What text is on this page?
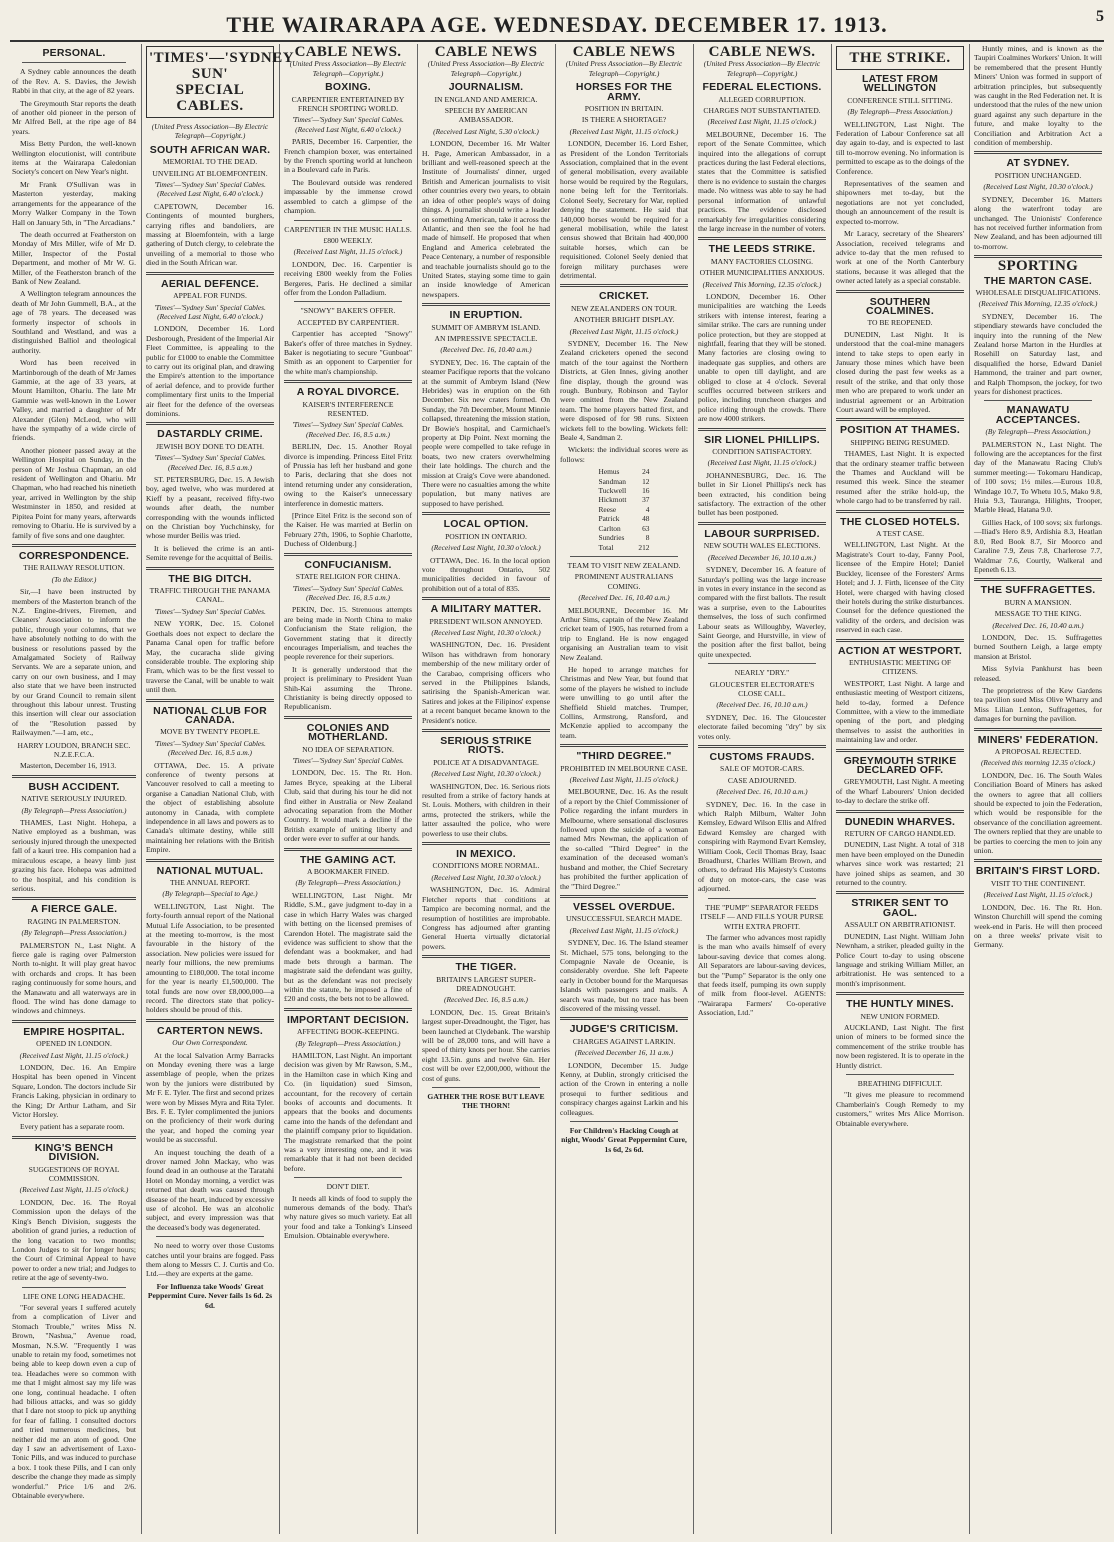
THE WAIRARAPA AGE. WEDNESDAY. DECEMBER 17. 1913.	5
PERSONAL.

A Sydney cable announces the death of the Rev. A. S. Davies, the Jewish Rabbi in that city, at the age of 82 years.

The Greymouth Star reports the death of another old pioneer in the person of Mr Alfred Bell, at the ripe age of 84 years.

Miss Betty Purdon, the well-known Wellington elocutionist, will contribute items at the Wairarapa Caledonian Society's concert on New Year's night.

Mr Frank O'Sullivan was in Masterton yesterday, making arrangements for the appearance of the Morry Walker Company in the Town Hall on January 5th, in "The Arcadians."

The death occurred at Featherston on Monday of Mrs Miller, wife of Mr D. Miller, Inspector of the Postal Department, and mother of Mr W. G. Miller, of the Featherston branch of the Bank of New Zealand.

A Wellington telegram announces the death of Mr John Gummell, B.A., at the age of 78 years. The deceased was formerly inspector of schools in Southland and Westland, and was a distinguished Balliol and theological authority.

Word has been received in Martinborough of the death of Mr James Gammie, at the age of 33 years, at Mount Hamilton, Ohariu. The late Mr Gammie was well-known in the Lower Valley, and married a daughter of Mr Alexander (Glen) McLeod, who will have the sympathy of a wide circle of friends.

Another pioneer passed away at the Wellington Hospital on Sunday, in the person of Mr Joshua Chapman, an old resident of Wellington and Ohariu. Mr Chapman, who had reached his ninetieth year, arrived in Wellington by the ship Westminster in 1850, and resided at Pipitea Point for many years, afterwards removing to Ohariu. He is survived by a family of five sons and one daughter.

CORRESPONDENCE.
THE RAILWAY RESOLUTION.
(To the Editor.)

Sir,—I have been instructed by members of the Masterton branch of the N.Z. Engine-drivers, Firemen, and Cleaners' Association to inform the public, through your columns, that we have absolutely nothing to do with the business or resolutions passed by the Amalgamated Society of Railway Servants. We are a separate union, and carry on our own business, and I may also state that we have been instructed by our Grand Council to remain silent throughout this labour unrest. Trusting this insertion will clear our association of the "Resolution passed by Railwaymen."—I am, etc.,

HARRY LOUDON, BRANCH SEC. N.Z.E.F.C.A.

Masterton, December 16, 1913.

BUSH ACCIDENT.
NATIVE SERIOUSLY INJURED.
(By Telegraph—Press Association.)

THAMES, Last Night. Hohepa, a Native employed as a bushman, was seriously injured through the unexpected fall of a kauri tree. His companion had a miraculous escape, a heavy limb just grazing his face. Hohepa was admitted to the hospital, and his condition is serious.

A FIERCE GALE.
RAGING IN PALMERSTON.
(By Telegraph—Press Association.)

PALMERSTON N., Last Night. A fierce gale is raging over Palmerston North to-night. It will play great havoc with orchards and crops. It has been raging continuously for some hours, and the Manawatu and all waterways are in flood. The wind has done damage to windows and chimneys.

EMPIRE HOSPITAL.
OPENED IN LONDON.
(Received Last Night, 11.15 o'clock.)

LONDON, Dec. 16. An Empire Hospital has been opened in Vincent Square, London. The doctors include Sir Francis Laking, physician in ordinary to the King; Dr Arthur Latham, and Sir Victor Horsley.

Every patient has a separate room.

KING'S BENCH DIVISION.
SUGGESTIONS OF ROYAL COMMISSION.
(Received Last Night, 11.15 o'clock.)

LONDON, Dec. 16. The Royal Commission upon the delays of the King's Bench Division, suggests the abolition of grand juries, a reduction of the long vacation to two months; London Judges to sit for longer hours; the Court of Criminal Appeal to have power to order a new trial; and Judges to retire at the age of seventy-two.

LIFE ONE LONG HEADACHE.

"For several years I suffered acutely from a complication of Liver and Stomach Trouble," writes Miss N. Brown, "Nashua," Avenue road, Mosman, N.S.W. "Frequently I was unable to retain my food, sometimes not being able to keep down even a cup of tea. Headaches were so common with me that I might almost say my life was one long, continual headache. I often had bilious attacks, and was so giddy that I dare not stoop to pick up anything for fear of falling. I consulted doctors and tried numerous medicines, but neither did me an atom of good. One day I saw an advertisement of Laxo-Tonic Pills, and was induced to purchase a box. I took these Pills, and I can only describe the change they made as simply wonderful." Price 1/6 and 2/6. Obtainable everywhere.

'TIMES'—'SYDNEY SUN'
SPECIAL CABLES.
(United Press Association—By Electric Telegraph—Copyright.)
SOUTH AFRICAN WAR.
MEMORIAL TO THE DEAD.
UNVEILING AT BLOEMFONTEIN.
'Times'—'Sydney Sun' Special Cables. (Received Last Night, 6.40 o'clock.)

CAPETOWN, December 16. Contingents of mounted burghers, carrying rifles and bandoliers, are massing at Bloemfontein, with a large gathering of Dutch clergy, to celebrate the unveiling of a memorial to those who died in the South African war.

AERIAL DEFENCE.
APPEAL FOR FUNDS.
'Times'—'Sydney Sun' Special Cables. (Received Last Night, 6.40 o'clock.)

LONDON, December 16. Lord Desborough, President of the Imperial Air Fleet Committee, is appealing to the public for £1000 to enable the Committee to carry out its original plan, and drawing the Empire's attention to the importance of aerial defence, and to provide further complimentary first units to the Imperial air fleet for the defence of the overseas dominions.

DASTARDLY CRIME.
JEWISH BOY DONE TO DEATH.
'Times'—'Sydney Sun' Special Cables. (Received Dec. 16, 8.5 a.m.)

ST. PETERSBURG, Dec. 15. A Jewish boy, aged twelve, who was murdered at Kieff by a peasant, received fifty-two wounds after death, the number corresponding with the wounds inflicted on the Christian boy Yuchchinsky, for whose murder Beilis was tried.

It is believed the crime is an anti-Semite revenge for the acquittal of Beilis.

THE BIG DITCH.
TRAFFIC THROUGH THE PANAMA CANAL.
'Times'—'Sydney Sun' Special Cables.

NEW YORK, Dec. 15. Colonel Goethals does not expect to declare the Panama Canal open for traffic before May, the cucaracha slide giving considerable trouble. The exploring ship Fram, which was to be the first vessel to traverse the Canal, will be unable to wait until then.

NATIONAL CLUB FOR CANADA.
MOVE BY TWENTY PEOPLE.
'Times'—'Sydney Sun' Special Cables. (Received Dec. 16, 8.5 a.m.)

OTTAWA, Dec. 15. A private conference of twenty persons at Vancouver resolved to call a meeting to organise a Canadian National Club, with the object of establishing absolute autonomy in Canada, with complete independence in all laws and powers as to Canada's ultimate destiny, while still maintaining her relations with the British Empire.

NATIONAL MUTUAL.
THE ANNUAL REPORT.
(By Telegraph—Special to Age.)

WELLINGTON, Last Night. The forty-fourth annual report of the National Mutual Life Association, to be presented at the meeting to-morrow, is the most favourable in the history of the association. New policies were issued for nearly four millions, the new premiums amounting to £180,000. The total income for the year is nearly £1,500,000. The total funds are now over £8,000,000—a record. The directors state that policy-holders should be proud of this.

CARTERTON NEWS.
Our Own Correspondent.

At the local Salvation Army Barracks on Monday evening there was a large assemblage of people, when the prizes won by the juniors were distributed by Mr F. E. Tyler. The first and second prizes were won by Misses Myra and Rita Tyler. Brs. F. E. Tyler complimented the juniors on the proficiency of their work during the year, and hoped the coming year would be as successful.

An inquest touching the death of a drover named John Mackay, who was found dead in an outhouse at the Taratahi Hotel on Monday morning, a verdict was returned that death was caused through disease of the heart, induced by excessive use of alcohol. He was an alcoholic subject, and every impression was that the deceased's body was degenerated.

No need to worry over those Customs catches until your brains are fogged. Pass them along to Messrs C. J. Curtis and Co. Ltd.—they are experts at the game.

For Influenza take Woods' Great Peppermint Cure. Never fails 1s 6d. 2s 6d.
CABLE NEWS.
(United Press Association—By Electric Telegraph—Copyright.)
BOXING.
CARPENTIER ENTERTAINED BY FRENCH SPORTING WORLD.
'Times'—'Sydney Sun' Special Cables. (Received Last Night, 6.40 o'clock.)

PARIS, December 16. Carpentier, the French champion boxer, was entertained by the French sporting world at luncheon in a Boulevard cafe in Paris.

The Boulevard outside was rendered impassable by the immense crowd assembled to catch a glimpse of the champion.

CARPENTIER IN THE MUSIC HALLS.
£800 WEEKLY.
(Received Last Night, 11.15 o'clock.)

LONDON, Dec. 16. Carpentier is receiving £800 weekly from the Folies Bergeres, Paris. He declined a similar offer from the London Palladium.

"SNOWY" BAKER'S OFFER.
ACCEPTED BY CARPENTIER.

Carpentier has accepted "Snowy" Baker's offer of three matches in Sydney. Baker is negotiating to secure "Gunboat" Smith as an opponent to Carpentier for the white man's championship.

A ROYAL DIVORCE.
KAISER'S INTERFERENCE RESENTED.
'Times'—'Sydney Sun' Special Cables. (Received Dec. 16, 8.5 a.m.)

BERLIN, Dec. 15. Another Royal divorce is impending. Princess Eitel Fritz of Prussia has left her husband and gone to Paris, declaring that she does not intend returning under any consideration, owing to the Kaiser's unnecessary interference in domestic matters.

[Prince Eitel Fritz is the second son of the Kaiser. He was married at Berlin on February 27th, 1906, to Sophie Charlotte, Duchess of Oldenburg.]

CONFUCIANISM.
STATE RELIGION FOR CHINA.
'Times'—'Sydney Sun' Special Cables. (Received Dec. 16, 8.5 a.m.)

PEKIN, Dec. 15. Strenuous attempts are being made in North China to make Confucianism the State religion, the Government stating that it directly encourages Imperialism, and teaches the people reverence for their superiors.

It is generally understood that the project is preliminary to President Yuan Shih-Kai assuming the Throne. Christianity is being directly opposed to Republicanism.

COLONIES AND MOTHERLAND.
NO IDEA OF SEPARATION.
'Times'—'Sydney Sun' Special Cables.

LONDON, Dec. 15. The Rt. Hon. James Bryce, speaking at the Liberal Club, said that during his tour he did not find either in Australia or New Zealand advocating separation from the Mother Country. It would mark a decline if the British example of uniting liberty and order were ever to suffer at our hands.

THE GAMING ACT.
A BOOKMAKER FINED.
(By Telegraph—Press Association.)

WELLINGTON, Last Night. Mr Riddle, S.M., gave judgment to-day in a case in which Harry Wales was charged with betting on the licensed premises of Carendon Hotel. The magistrate said the evidence was sufficient to show that the defendant was a bookmaker, and had made bets through a barman. The magistrate said the defendant was guilty, but as the defendant was not precisely within the statute, he imposed a fine of £20 and costs, the bets not to be allowed.

IMPORTANT DECISION.
AFFECTING BOOK-KEEPING.
(By Telegraph—Press Association.)

HAMILTON, Last Night. An important decision was given by Mr Rawson, S.M., in the Hamilton case in which King and Co. (in liquidation) sued Simson, accountant, for the recovery of certain books of accounts and documents. It appears that the books and documents came into the hands of the defendant and the plaintiff company prior to liquidation. The magistrate remarked that the point was a very interesting one, and it was remarkable that it had not been decided before.

DON'T DIET.

It needs all kinds of food to supply the numerous demands of the body. That's why nature gives so much variety. Eat all your food and take a Tonking's Linseed Emulsion. Obtainable everywhere.

CABLE NEWS
(United Press Association—By Electric Telegraph—Copyright.)
JOURNALISM.
IN ENGLAND AND AMERICA.
SPEECH BY AMERICAN AMBASSADOR.
(Received Last Night, 5.30 o'clock.)

LONDON, December 16. Mr Walter H. Page, American Ambassador, in a brilliant and well-reasoned speech at the Institute of Journalists' dinner, urged British and American journalists to visit other countries every two years, to obtain an idea of other people's ways of doing things. A journalist should write a leader on something American, take it across the Atlantic, and then see the fool he had made of himself. He proposed that when England and America celebrated the Peace Centenary, a number of responsible and teachable journalists should go to the United States, staying some time to gain an inside knowledge of American newspapers.

IN ERUPTION.
SUMMIT OF AMBRYM ISLAND.
AN IMPRESSIVE SPECTACLE.
(Received Dec. 16, 10.40 a.m.)

SYDNEY, Dec. 16. The captain of the steamer Pacifique reports that the volcano at the summit of Ambrym Island (New Hebrides) was in eruption on the 6th December. Six new craters formed. On Sunday, the 7th December, Mount Minnie collapsed, threatening the mission station, Dr Bowie's hospital, and Carmichael's property at Dip Point. Next morning the people were compelled to take refuge in boats, two new craters overwhelming their late holdings. The church and the mission at Craig's Cove were abandoned. There were no casualties among the white population, but many natives are supposed to have perished.

LOCAL OPTION.
POSITION IN ONTARIO.
(Received Last Night, 10.30 o'clock.)

OTTAWA, Dec. 16. In the local option vote throughout Ontario, 502 municipalities decided in favour of prohibition out of a total of 835.

A MILITARY MATTER.
PRESIDENT WILSON ANNOYED.
(Received Last Night, 10.30 o'clock.)

WASHINGTON, Dec. 16. President Wilson has withdrawn from honorary membership of the new military order of the Carabao, comprising officers who served in the Philippines Islands, satirising the Spanish-American war. Satires and jokes at the Filipinos' expense at a recent banquet became known to the President's notice.

SERIOUS STRIKE RIOTS.
POLICE AT A DISADVANTAGE.
(Received Last Night, 10.30 o'clock.)

WASHINGTON, Dec. 16. Serious riots resulted from a strike of factory hands at St. Louis. Mothers, with children in their arms, protected the strikers, while the latter assaulted the police, who were powerless to use their clubs.

IN MEXICO.
CONDITIONS MORE NORMAL.
(Received Last Night, 10.30 o'clock.)

WASHINGTON, Dec. 16. Admiral Fletcher reports that conditions at Tampico are becoming normal, and the resumption of hostilities are improbable. Congress has adjourned after granting General Huerta virtually dictatorial powers.

THE TIGER.
BRITAIN'S LARGEST SUPER-DREADNOUGHT.
(Received Dec. 16, 8.5 a.m.)

LONDON, Dec. 15. Great Britain's largest super-Dreadnought, the Tiger, has been launched at Clydebank. The warship will be of 28,000 tons, and will have a speed of thirty knots per hour. She carries eight 13.5in. guns and twelve 6in. Her cost will be over £2,000,000, without the cost of guns.

GATHER THE ROSE BUT LEAVE THE THORN!
CABLE NEWS
(United Press Association—By Electric Telegraph—Copyright.)
HORSES FOR THE ARMY.
POSITION IN BRITAIN.
IS THERE A SHORTAGE?
(Received Last Night, 11.15 o'clock.)

LONDON, December 16. Lord Esher, as President of the London Territorials Association, complained that in the event of general mobilisation, every available horse would be required by the Regulars, none being left for the Territorials. Colonel Seely, Secretary for War, replied denying the statement. He said that 140,000 horses would be required for a general mobilisation, while the latest census showed that Britain had 400,000 suitable horses, which can be requisitioned. Colonel Seely denied that foreign military purchases were detrimental.

CRICKET.
NEW ZEALANDERS ON TOUR.
ANOTHER BRIGHT DISPLAY.
(Received Last Night, 11.15 o'clock.)

SYDNEY, December 16. The New Zealand cricketers opened the second match of the tour against the Northern Districts, at Glen Innes, giving another fine display, though the ground was rough. Bunbury, Robinson and Taylor were omitted from the New Zealand team. The home players batted first, and were disposed of for 98 runs. Sixteen wickets fell to the bowling. Wickets fell: Beale 4, Sandman 2.

Wickets: the individual scores were as follows:

Hemus	24
Sandman	12
Tuckwell	16
Hickmott	37
Reese	4
Patrick	48
Carlton	63
Sundries	8
Total	212
TEAM TO VISIT NEW ZEALAND.
PROMINENT AUSTRALIANS COMING.
(Received Dec. 16, 10.40 a.m.)

MELBOURNE, December 16. Mr Arthur Sims, captain of the New Zealand cricket team of 1905, has returned from a trip to England. He is now engaged organising an Australian team to visit New Zealand.

He hoped to arrange matches for Christmas and New Year, but found that some of the players he wished to include were unwilling to go until after the Sheffield Shield matches. Trumper, Collins, Armstrong, Ransford, and McKenzie applied to accompany the team.

"THIRD DEGREE."
PROHIBITED IN MELBOURNE CASE.
(Received Last Night, 11.15 o'clock.)

MELBOURNE, Dec. 16. As the result of a report by the Chief Commissioner of Police regarding the infant murders in Melbourne, where sensational disclosures followed upon the suicide of a woman named Mrs Newman, the application of the so-called "Third Degree" in the examination of the deceased woman's husband and mother, the Chief Secretary has prohibited the further application of the "Third Degree."

VESSEL OVERDUE.
UNSUCCESSFUL SEARCH MADE.
(Received Last Night, 11.15 o'clock.)

SYDNEY, Dec. 16. The Island steamer St. Michael, 575 tons, belonging to the Compagnie Navale de Oceanie, is considerably overdue. She left Papeete early in October bound for the Marquesas Islands with passengers and mails. A search was made, but no trace has been discovered of the missing vessel.

JUDGE'S CRITICISM.
CHARGES AGAINST LARKIN.
(Received December 16, 11 a.m.)

LONDON, December 15. Judge Kenny, at Dublin, strongly criticised the action of the Crown in entering a nolle prosequi to further seditious and conspiracy charges against Larkin and his colleagues.

For Children's Hacking Cough at night, Woods' Great Peppermint Cure, 1s 6d, 2s 6d.
CABLE NEWS.
(United Press Association—By Electric Telegraph—Copyright.)
FEDERAL ELECTIONS.
ALLEGED CORRUPTION.
CHARGES NOT SUBSTANTIATED.
(Received Last Night, 11.15 o'clock.)

MELBOURNE, December 16. The report of the Senate Committee, which inquired into the allegations of corrupt practices during the last Federal elections, states that the Committee is satisfied there is no evidence to sustain the charges made. No witness was able to say he had personal information of unlawful practices. The evidence disclosed remarkably few irregularities considering the large increase in the number of voters.

THE LEEDS STRIKE.
MANY FACTORIES CLOSING.
OTHER MUNICIPALITIES ANXIOUS.
(Received This Morning, 12.35 o'clock.)

LONDON, December 16. Other municipalities are watching the Leeds strikers with intense interest, fearing a similar strike. The cars are running under police protection, but they are stopped at nightfall, fearing that they will be stoned. Many factories are closing owing to inadequate gas supplies, and others are unable to open till daylight, and are obliged to close at 4 o'clock. Several scuffles occurred between strikers and police, including truncheon charges and police riding through the crowds. There are now 4000 strikers.

SIR LIONEL PHILLIPS.
CONDITION SATISFACTORY.
(Received Last Night, 11.15 o'clock.)

JOHANNESBURG, Dec. 16. The bullet in Sir Lionel Phillips's neck has been extracted, his condition being satisfactory. The extraction of the other bullet has been postponed.

LABOUR SURPRISED.
NEW SOUTH WALES ELECTIONS.
(Received December 16, 10.10 a.m.)

SYDNEY, December 16. A feature of Saturday's polling was the large increase in votes in every instance in the second as compared with the first ballots. The result was a surprise, even to the Labourites themselves, the loss of such confirmed Labour seats as Willoughby, Waverley, Saint George, and Hurstville, in view of the position after the first ballot, being quite unexpected.

NEARLY "DRY."
GLOUCESTER ELECTORATE'S CLOSE CALL.
(Received Dec. 16, 10.10 a.m.)

SYDNEY, Dec. 16. The Gloucester electorate failed becoming "dry" by six votes only.

CUSTOMS FRAUDS.
SALE OF MOTOR-CARS.
CASE ADJOURNED.
(Received Dec. 16, 10.10 a.m.)

SYDNEY, Dec. 16. In the case in which Ralph Milburn, Walter John Kemsley, Edward Wilson Ellis and Alfred Edward Kemsley are charged with conspiring with Raymond Evart Kemsley, William Cook, Cecil Thomas Bray, Isaac Broadhurst, Charles William Brown, and others, to defraud His Majesty's Customs of duty on motor-cars, the case was adjourned.

THE "PUMP" SEPARATOR FEEDS ITSELF — AND FILLS YOUR PURSE WITH EXTRA PROFIT.

The farmer who advances most rapidly is the man who avails himself of every labour-saving device that comes along. All Separators are labour-saving devices, but the "Pump" Separator is the only one that feeds itself, pumping its own supply of milk from floor-level. AGENTS: "Wairarapa Farmers' Co-operative Association, Ltd."

THE STRIKE.
LATEST FROM WELLINGTON
CONFERENCE STILL SITTING.
(By Telegraph—Press Association.)

WELLINGTON, Last Night. The Federation of Labour Conference sat all day again to-day, and is expected to last till to-morrow evening. No information is permitted to escape as to the doings of the Conference.

Representatives of the seamen and shipowners met to-day, but the negotiations are not yet concluded, though an announcement of the result is expected to-morrow.

Mr Laracy, secretary of the Shearers' Association, received telegrams and advice to-day that the men refused to work at one of the North Canterbury stations, because it was alleged that the owner acted lately as a special constable.

SOUTHERN COALMINES.
TO BE REOPENED.

DUNEDIN, Last Night. It is understood that the coal-mine managers intend to take steps to open early in January those mines which have been closed during the past few weeks as a result of the strike, and that only those men who are prepared to work under an industrial agreement or an Arbitration Court award will be employed.

POSITION AT THAMES.
SHIPPING BEING RESUMED.

THAMES, Last Night. It is expected that the ordinary steamer traffic between the Thames and Auckland will be resumed this week. Since the steamer resumed after the strike hold-up, the whole cargo had to be transferred by rail.

THE CLOSED HOTELS.
A TEST CASE.

WELLINGTON, Last Night. At the Magistrate's Court to-day, Fanny Pool, licensee of the Empire Hotel; Daniel Buckley, licensee of the Foresters' Arms Hotel; and J. J. Firth, licensee of the City Hotel, were charged with having closed their hotels during the strike disturbances. Counsel for the defence questioned the validity of the orders, and decision was reserved in each case.

ACTION AT WESTPORT.
ENTHUSIASTIC MEETING OF CITIZENS.

WESTPORT, Last Night. A large and enthusiastic meeting of Westport citizens, held to-day, formed a Defence Committee, with a view to the immediate opening of the port, and pledging themselves to assist the authorities in maintaining law and order.

GREYMOUTH STRIKE DECLARED OFF.

GREYMOUTH, Last Night. A meeting of the Wharf Labourers' Union decided to-day to declare the strike off.

DUNEDIN WHARVES.
RETURN OF CARGO HANDLED.

DUNEDIN, Last Night. A total of 318 men have been employed on the Dunedin wharves since work was restarted; 21 have joined ships as seamen, and 30 returned to the country.

STRIKER SENT TO GAOL.
ASSAULT ON ARBITRATIONIST.

DUNEDIN, Last Night. William John Newnham, a striker, pleaded guilty in the Police Court to-day to using obscene language and striking William Miller, an arbitrationist. He was sentenced to a month's imprisonment.

THE HUNTLY MINES.
NEW UNION FORMED.

AUCKLAND, Last Night. The first union of miners to be formed since the commencement of the strike trouble has now been registered. It is to operate in the Huntly district.

BREATHING DIFFICULT.

"It gives me pleasure to recommend Chamberlain's Cough Remedy to my customers," writes Mrs Alice Morrison. Obtainable everywhere.

Huntly mines, and is known as the Taupiri Coalmines Workers' Union. It will be remembered that the present Huntly Miners' Union was formed in support of arbitration principles, but subsequently was caught in the Red Federation net. It is understood that the rules of the new union guard against any such departure in the future, and make loyalty to the Conciliation and Arbitration Act a condition of membership.

AT SYDNEY.
POSITION UNCHANGED.
(Received Last Night, 10.30 o'clock.)

SYDNEY, December 16. Matters along the waterfront today are unchanged. The Unionists' Conference has not received further information from New Zealand, and has been adjourned till to-morrow.

SPORTING
THE MARTON CASE.
WHOLESALE DISQUALIFICATIONS.
(Received This Morning, 12.35 o'clock.)

SYDNEY, December 16. The stipendiary stewards have concluded the inquiry into the running of the New Zealand horse Marton in the Hurdles at Rosehill on Saturday last, and disqualified the horse, Edward Daniel Hammond, the trainer and part owner, and Ralph Thompson, the jockey, for two years for dishonest practices.

MANAWATU ACCEPTANCES.
(By Telegraph—Press Association.)

PALMERSTON N., Last Night. The following are the acceptances for the first day of the Manawatu Racing Club's summer meeting:— Tokomaru Handicap, of 100 sovs; 1½ miles.—Eurous 10.8, Windage 10.7, To Whetu 10.5, Mako 9.8, Huia 9.3, Tauranga, Hilights, Trooper, Marble Head, Hatana 9.0.

Gillies Hack, of 100 sovs; six furlongs.—Iliad's Hero 8.9, Ardishia 8.3, Heatlan 8.0, Red Book 8.7, Sir Moorco and Caraline 7.9, Zeus 7.8, Charlerose 7.7, Waldmar 7.6, Courtly, Walkeral and Epeneth 6.13.

THE SUFFRAGETTES.
BURN A MANSION.
MESSAGE TO THE KING.
(Received Dec. 16, 10.40 a.m.)

LONDON, Dec. 15. Suffragettes burned Southern Leigh, a large empty mansion at Bristol.

Miss Sylvia Pankhurst has been released.

The proprietress of the Kew Gardens tea pavilion sued Miss Olive Wharry and Miss Lilian Lenton, Suffragettes, for damages for burning the pavilion.

MINERS' FEDERATION.
A PROPOSAL REJECTED.
(Received this morning 12.35 o'clock.)

LONDON, Dec. 16. The South Wales Conciliation Board of Miners has asked the owners to agree that all colliers should be expected to join the Federation, which would be responsible for the observance of the conciliation agreement. The owners replied that they are unable to be parties to coercing the men to join any union.

BRITAIN'S FIRST LORD.
VISIT TO THE CONTINENT.
(Received Last Night, 11.15 o'clock.)

LONDON, Dec. 16. The Rt. Hon. Winston Churchill will spend the coming week-end in Paris. He will then proceed on a three weeks' private visit to Germany.
